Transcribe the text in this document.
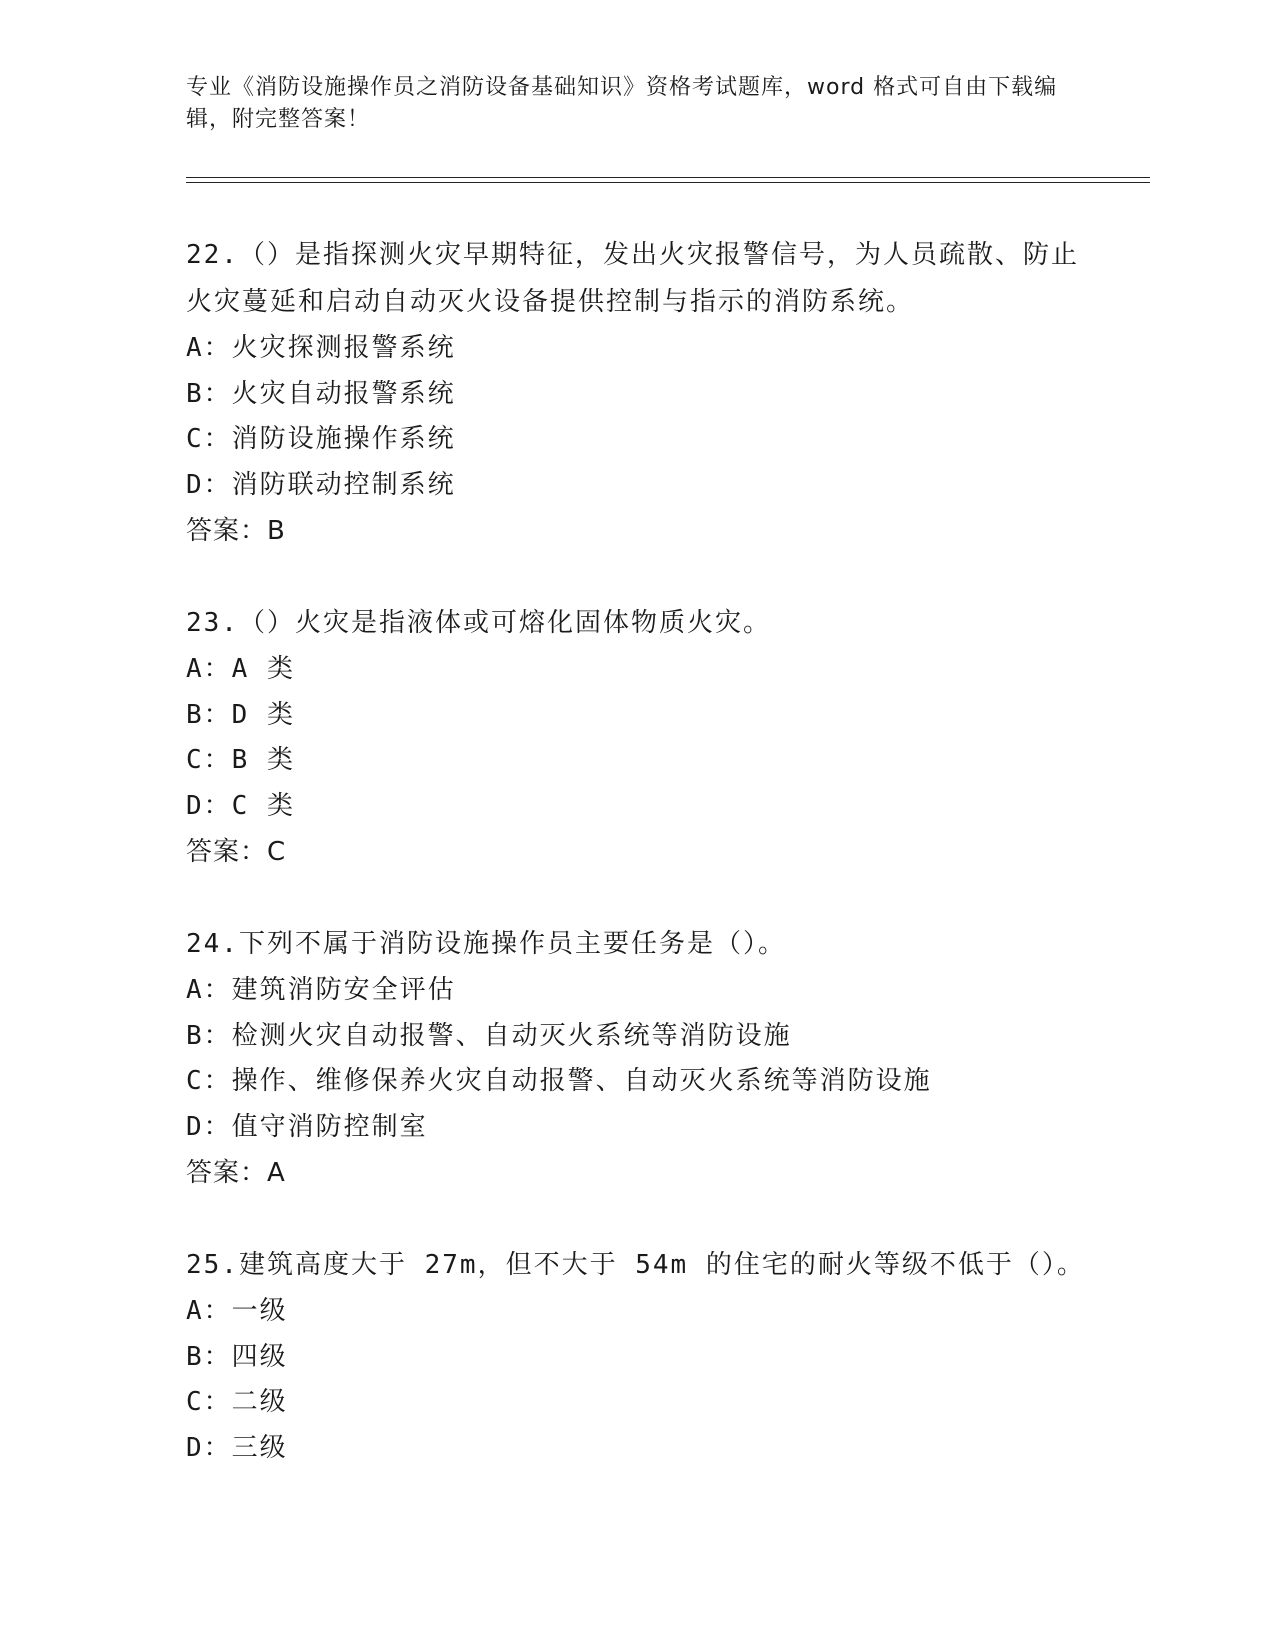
专业《消防设施操作员之消防设备基础知识》资格考试题库，word 格式可自由下载编辑，附完整答案！
22.（）是指探测火灾早期特征，发出火灾报警信号，为人员疏散、防止火灾蔓延和启动自动灭火设备提供控制与指示的消防系统。
A：火灾探测报警系统
B：火灾自动报警系统
C：消防设施操作系统
D：消防联动控制系统
答案：B
23.（）火灾是指液体或可熔化固体物质火灾。
A：A 类
B：D 类
C：B 类
D：C 类
答案：C
24.下列不属于消防设施操作员主要任务是（）。
A：建筑消防安全评估
B：检测火灾自动报警、自动灭火系统等消防设施
C：操作、维修保养火灾自动报警、自动灭火系统等消防设施
D：值守消防控制室
答案：A
25.建筑高度大于 27m，但不大于 54m 的住宅的耐火等级不低于（）。
A：一级
B：四级
C：二级
D：三级
